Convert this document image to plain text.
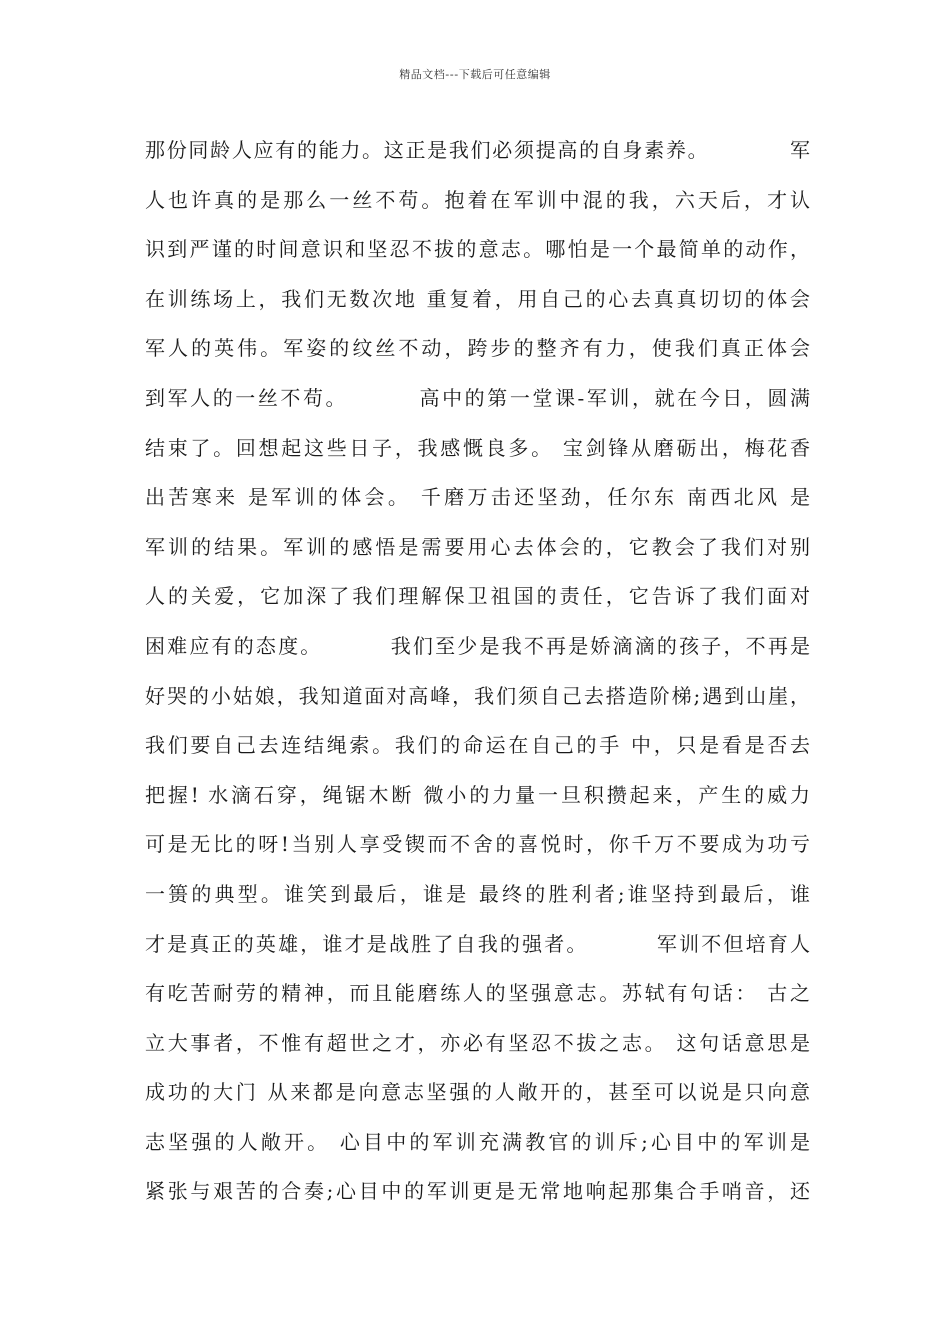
精品文档---下载后可任意编辑
那份同龄人应有的能力。这正是我们必须提高的自身素养。          军
人也许真的是那么一丝不苟。抱着在军训中混的我，六天后，才认
识到严谨的时间意识和坚忍不拔的意志。哪怕是一个最简单的动作，
在训练场上，我们无数次地 重复着，用自己的心去真真切切的体会
军人的英伟。军姿的纹丝不动，跨步的整齐有力，使我们真正体会
到军人的一丝不苟。        高中的第一堂课-军训，就在今日，圆满
结束了。回想起这些日子，我感慨良多。 宝剑锋从磨砺出，梅花香
出苦寒来 是军训的体会。 千磨万击还坚劲，任尔东 南西北风 是
军训的结果。军训的感悟是需要用心去体会的，它教会了我们对别
人的关爱，它加深了我们理解保卫祖国的责任，它告诉了我们面对
困难应有的态度。        我们至少是我不再是娇滴滴的孩子，不再是
好哭的小姑娘，我知道面对高峰，我们须自己去搭造阶梯;遇到山崖，
我们要自己去连结绳索。我们的命运在自己的手 中，只是看是否去
把握! 水滴石穿，绳锯木断 微小的力量一旦积攒起来，产生的威力
可是无比的呀!当别人享受锲而不舍的喜悦时，你千万不要成为功亏
一篑的典型。谁笑到最后，谁是 最终的胜利者;谁坚持到最后，谁
才是真正的英雄，谁才是战胜了自我的强者。        军训不但培育人
有吃苦耐劳的精神，而且能磨练人的坚强意志。苏轼有句话： 古之
立大事者，不惟有超世之才，亦必有坚忍不拔之志。 这句话意思是
成功的大门 从来都是向意志坚强的人敞开的，甚至可以说是只向意
志坚强的人敞开。 心目中的军训充满教官的训斥;心目中的军训是
紧张与艰苦的合奏;心目中的军训更是无常地响起那集合手哨音，还
